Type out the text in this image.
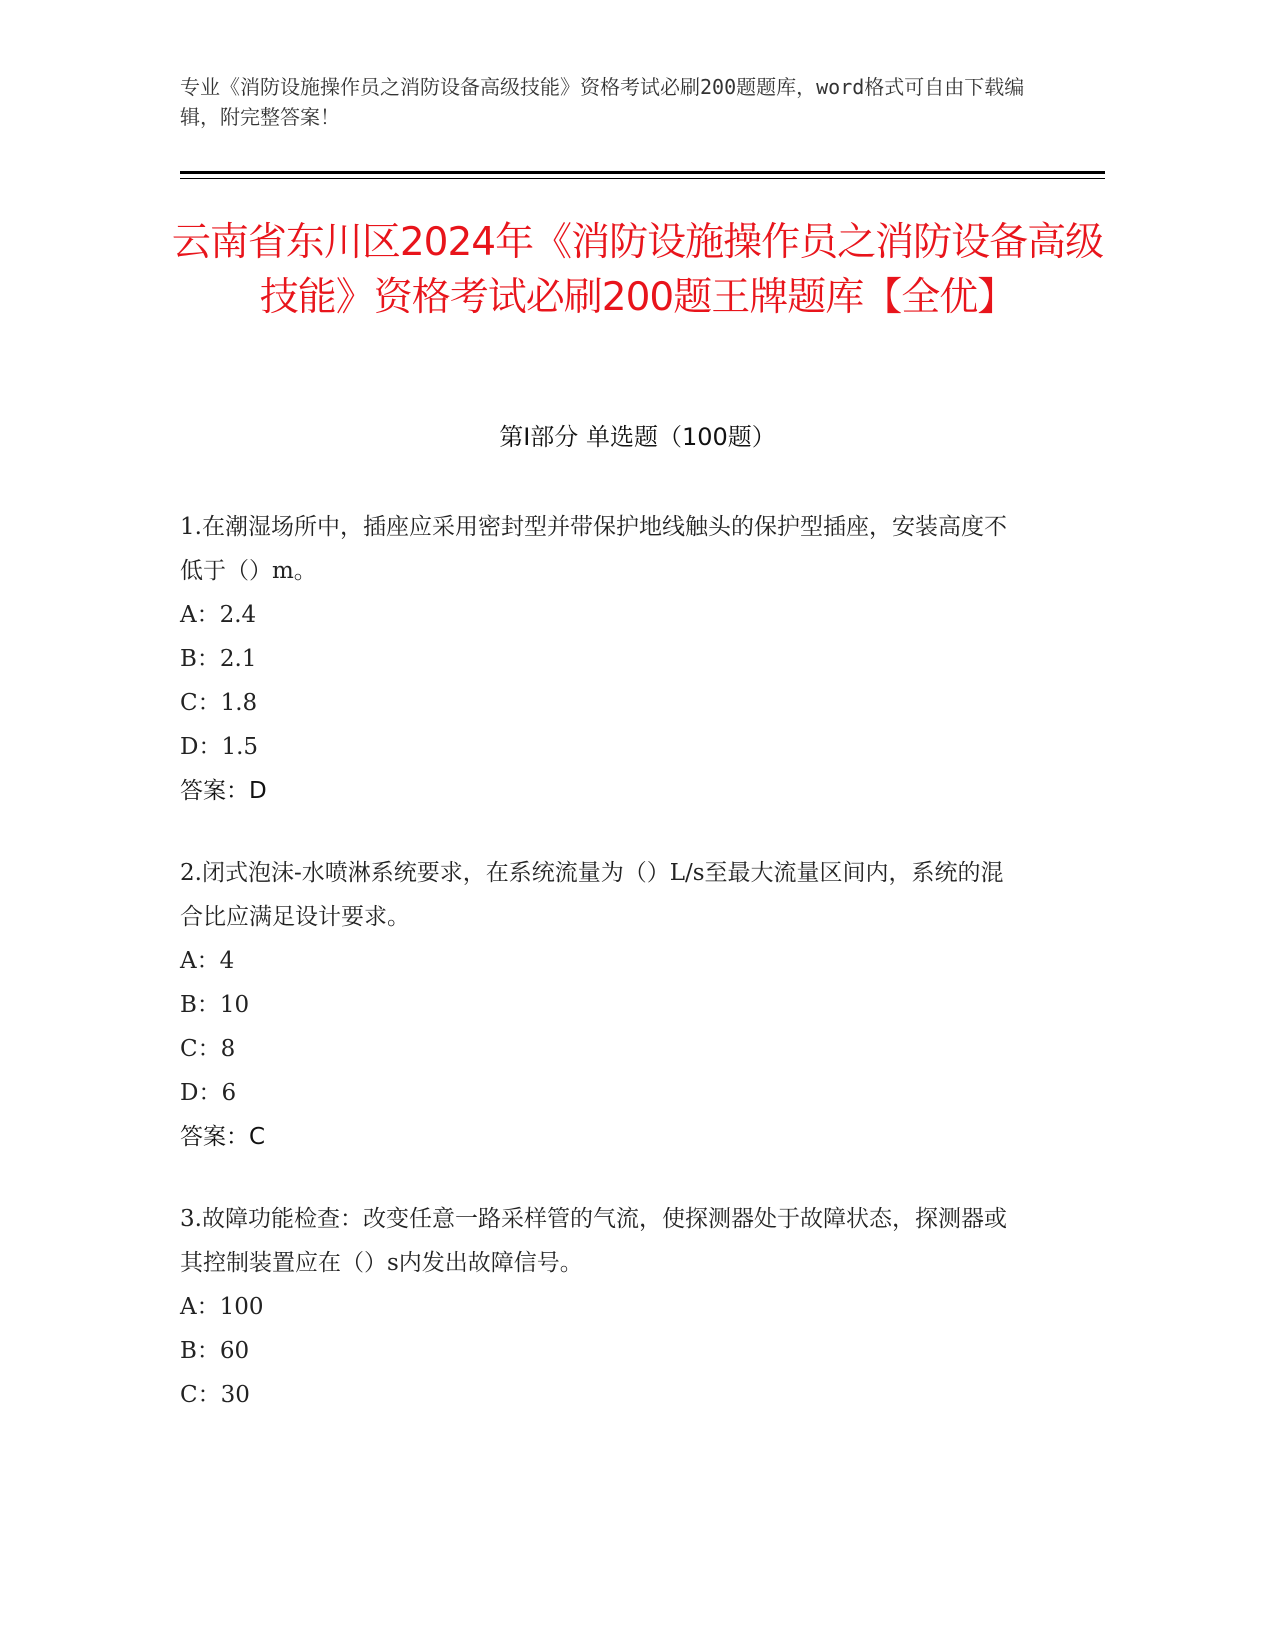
专业《消防设施操作员之消防设备高级技能》资格考试必刷200题题库，word格式可自由下载编辑，附完整答案！

云南省东川区2024年《消防设施操作员之消防设备高级技能》资格考试必刷200题王牌题库【全优】
第I部分 单选题（100题）

1.在潮湿场所中，插座应采用密封型并带保护地线触头的保护型插座，安装高度不低于（）m。

A：2.4

B：2.1

C：1.8

D：1.5

答案：D

2.闭式泡沫-水喷淋系统要求，在系统流量为（）L/s至最大流量区间内，系统的混合比应满足设计要求。

A：4

B：10

C：8

D：6

答案：C

3.故障功能检查：改变任意一路采样管的气流，使探测器处于故障状态，探测器或其控制装置应在（）s内发出故障信号。

A：100

B：60

C：30
